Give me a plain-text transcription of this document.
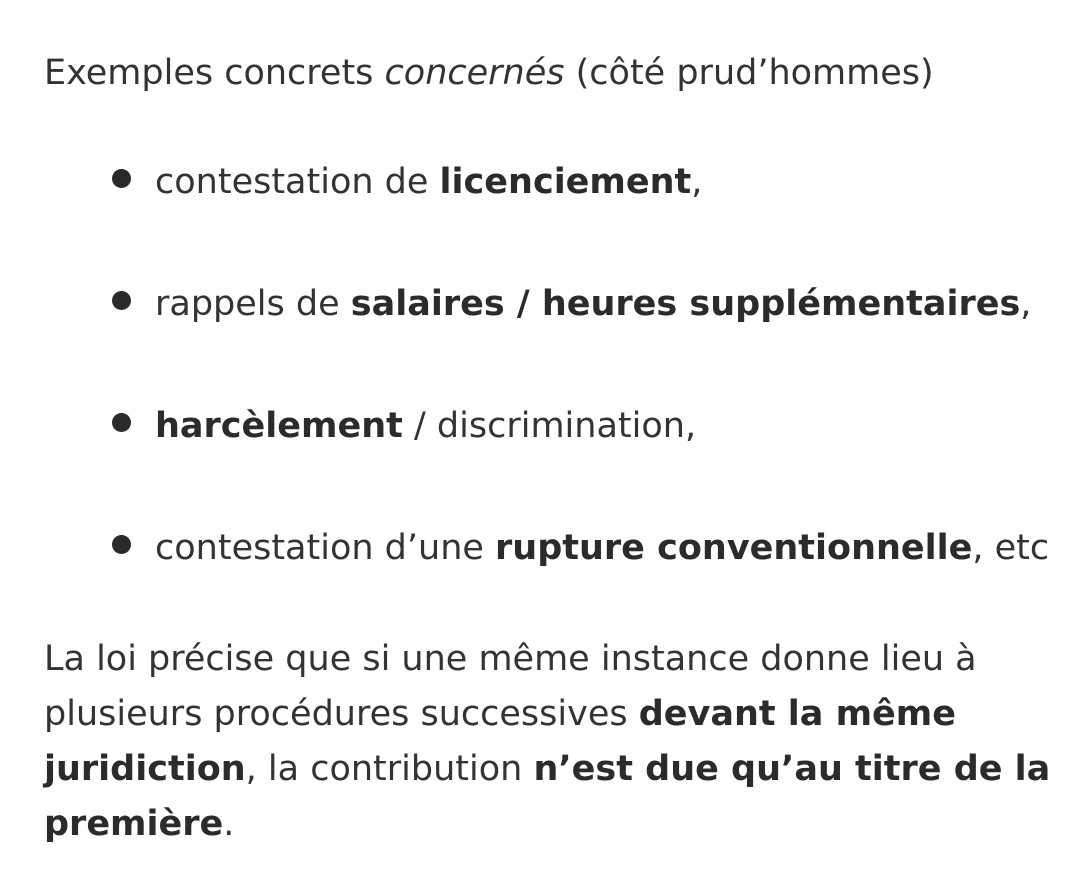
Exemples concrets concernés (côté prud’hommes)

contestation de licenciement,
rappels de salaires / heures supplémentaires,
harcèlement / discrimination,
contestation d’une rupture conventionnelle, etc

La loi précise que si une même instance donne lieu à plusieurs procédures successives devant la même juridiction, la contribution n’est due qu’au titre de la première.
